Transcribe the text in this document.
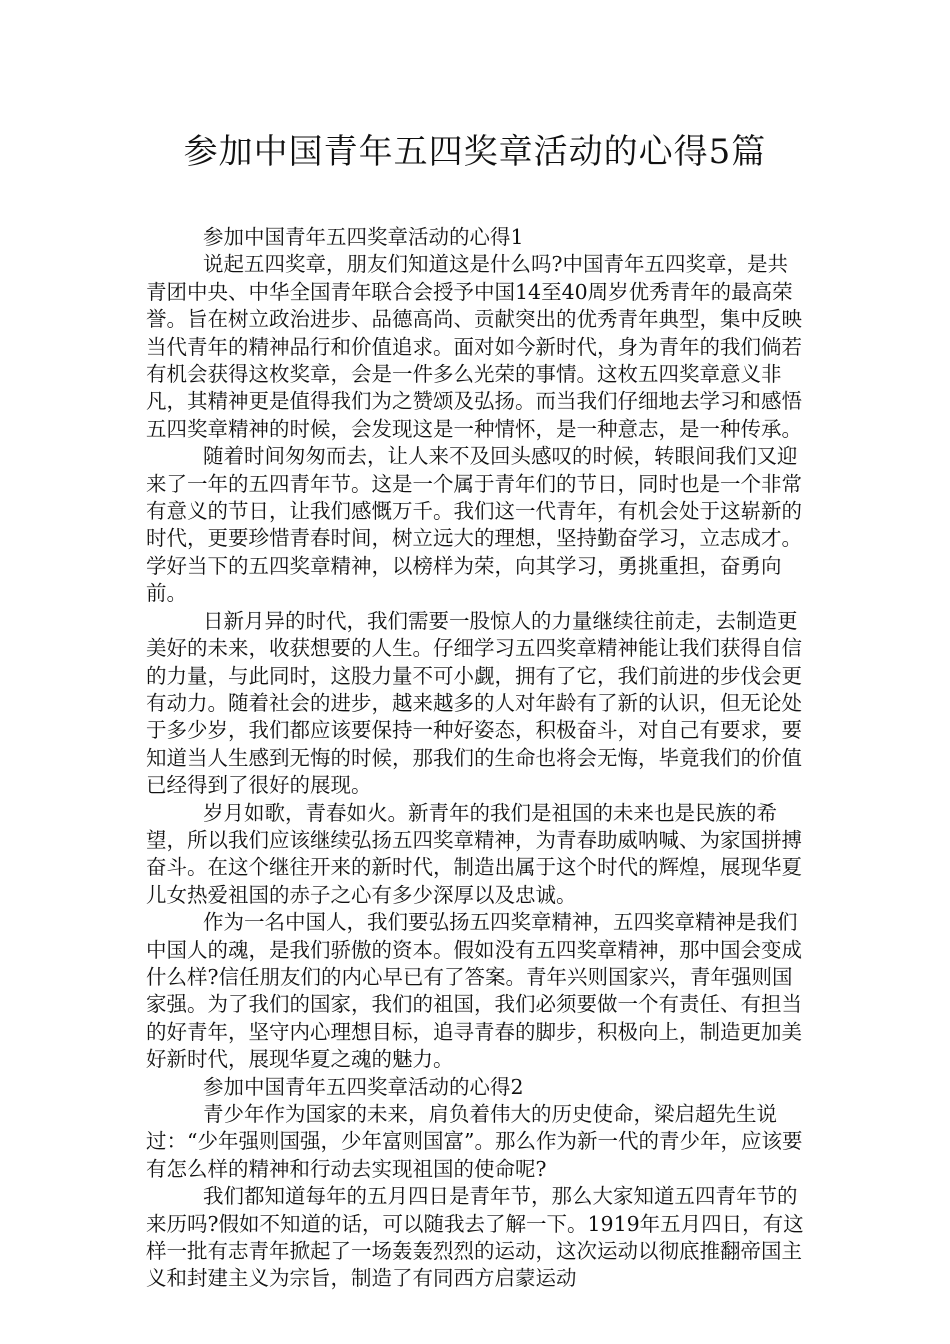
参加中国青年五四奖章活动的心得5篇

参加中国青年五四奖章活动的心得1

说起五四奖章，朋友们知道这是什么吗?中国青年五四奖章，是共青团中央、中华全国青年联合会授予中国14至40周岁优秀青年的最高荣誉。旨在树立政治进步、品德高尚、贡献突出的优秀青年典型，集中反映当代青年的精神品行和价值追求。面对如今新时代，身为青年的我们倘若有机会获得这枚奖章，会是一件多么光荣的事情。这枚五四奖章意义非凡，其精神更是值得我们为之赞颂及弘扬。而当我们仔细地去学习和感悟五四奖章精神的时候，会发现这是一种情怀，是一种意志，是一种传承。

随着时间匆匆而去，让人来不及回头感叹的时候，转眼间我们又迎来了一年的五四青年节。这是一个属于青年们的节日，同时也是一个非常有意义的节日，让我们感慨万千。我们这一代青年，有机会处于这崭新的时代，更要珍惜青春时间，树立远大的理想，坚持勤奋学习，立志成才。学好当下的五四奖章精神，以榜样为荣，向其学习，勇挑重担，奋勇向前。

日新月异的时代，我们需要一股惊人的力量继续往前走，去制造更美好的未来，收获想要的人生。仔细学习五四奖章精神能让我们获得自信的力量，与此同时，这股力量不可小觑，拥有了它，我们前进的步伐会更有动力。随着社会的进步，越来越多的人对年龄有了新的认识，但无论处于多少岁，我们都应该要保持一种好姿态，积极奋斗，对自己有要求，要知道当人生感到无悔的时候，那我们的生命也将会无悔，毕竟我们的价值已经得到了很好的展现。

岁月如歌，青春如火。新青年的我们是祖国的未来也是民族的希望，所以我们应该继续弘扬五四奖章精神，为青春助威呐喊、为家国拼搏奋斗。在这个继往开来的新时代，制造出属于这个时代的辉煌，展现华夏儿女热爱祖国的赤子之心有多少深厚以及忠诚。

作为一名中国人，我们要弘扬五四奖章精神，五四奖章精神是我们中国人的魂，是我们骄傲的资本。假如没有五四奖章精神，那中国会变成什么样?信任朋友们的内心早已有了答案。青年兴则国家兴，青年强则国家强。为了我们的国家，我们的祖国，我们必须要做一个有责任、有担当的好青年，坚守内心理想目标，追寻青春的脚步，积极向上，制造更加美好新时代，展现华夏之魂的魅力。

参加中国青年五四奖章活动的心得2

青少年作为国家的未来，肩负着伟大的历史使命，梁启超先生说过：“少年强则国强，少年富则国富”。那么作为新一代的青少年，应该要有怎么样的精神和行动去实现祖国的使命呢?

我们都知道每年的五月四日是青年节，那么大家知道五四青年节的来历吗?假如不知道的话，可以随我去了解一下。1919年五月四日，有这样一批有志青年掀起了一场轰轰烈烈的运动，这次运动以彻底推翻帝国主义和封建主义为宗旨，制造了有同西方启蒙运动
